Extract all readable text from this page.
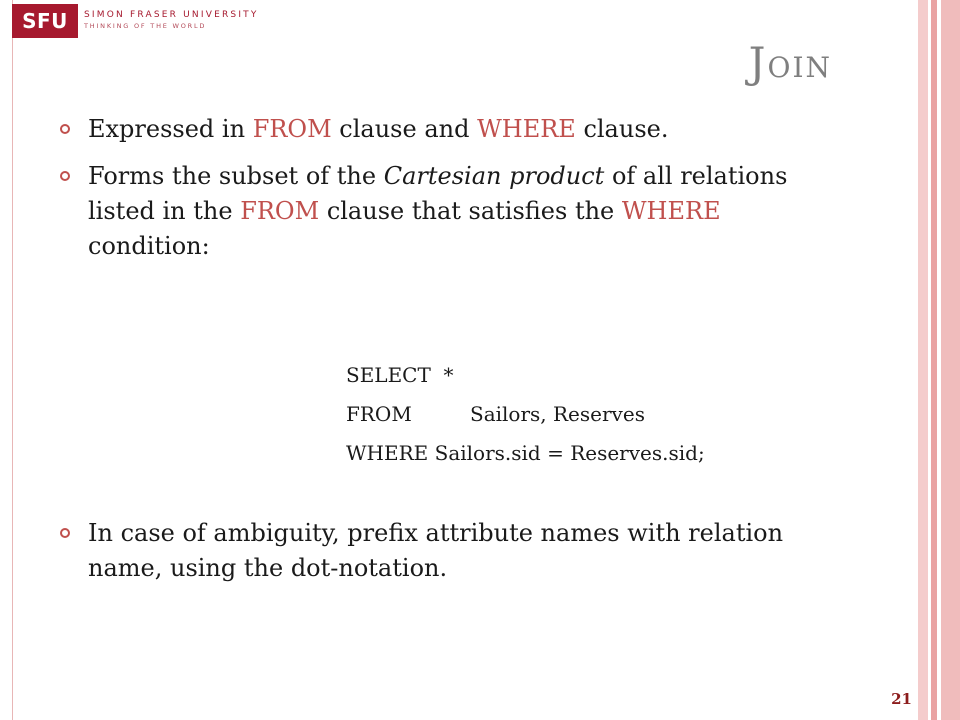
SFU	SIMON FRASER UNIVERSITY
THINKING OF THE WORLD
JOIN
Expressed in FROM clause and WHERE clause.
Forms the subset of the Cartesian product of all relations listed in the FROM clause that satisfies the WHERE condition:
SELECT  *
FROM	Sailors, Reserves
WHERE Sailors.sid = Reserves.sid;
In case of ambiguity, prefix attribute names with relation name, using the dot-notation.
21
